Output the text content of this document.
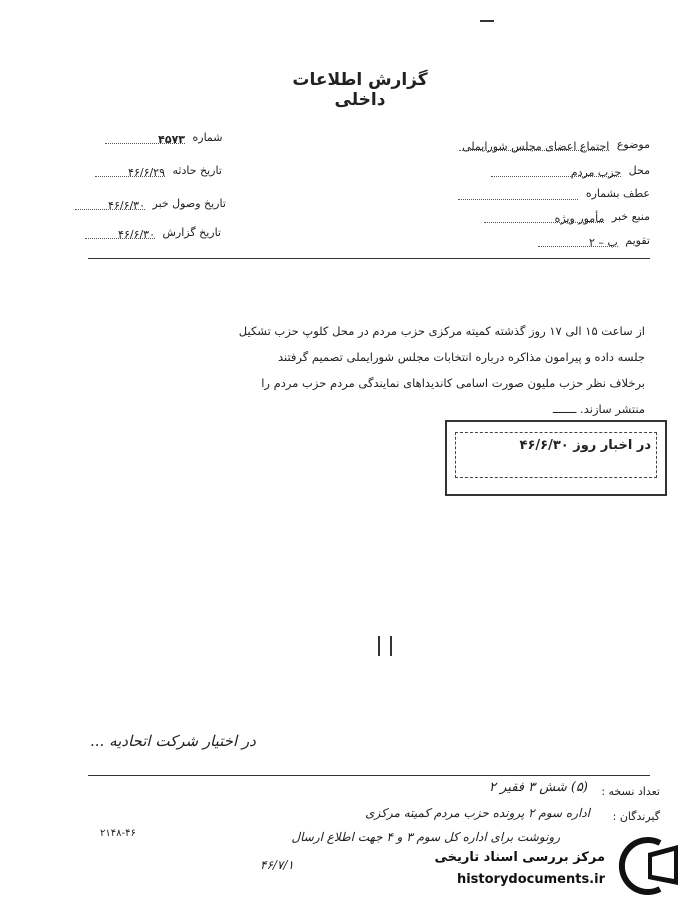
گزارش اطلاعات داخلی
موضوع اجتماع اعضای مجلس شورایملی
محل حزب مردم
عطف بشماره
منبع خبر مأمور ویژه
تقویم ب – ۲
شماره ۴۵۷۳
تاریخ حادثه ۴۶/۶/۲۹
تاریخ وصول خبر ۴۶/۶/۳۰
تاریخ گزارش ۴۶/۶/۳۰
از ساعت ۱۵ الی ۱۷ روز گذشته کمیته مرکزی حزب مردم در محل کلوپ حزب تشکیل
جلسه داده و پیرامون مذاکره درباره انتخابات مجلس شورایملی تصمیم گرفتند
برخلاف نظر حزب ملیون صورت اسامی کاندیداهای نمایندگی مردم حزب مردم را
منتشر سازند. ـــــــ
در اخبار روز ۴۶/۶/۳۰
در اختیار شرکت اتحادیه ...
تعداد نسخه :
(۵) شش ۳ فقیر ۲
گیرندگان :
اداره سوم ۲ پرونده حزب مردم کمیته مرکزی
رونوشت برای اداره کل سوم ۳ و ۴ جهت اطلاع ارسال
۴۶/۷/۱
۲۱۴۸-۴۶
مرکز بررسی اسناد تاریخی
historydocuments.ir
